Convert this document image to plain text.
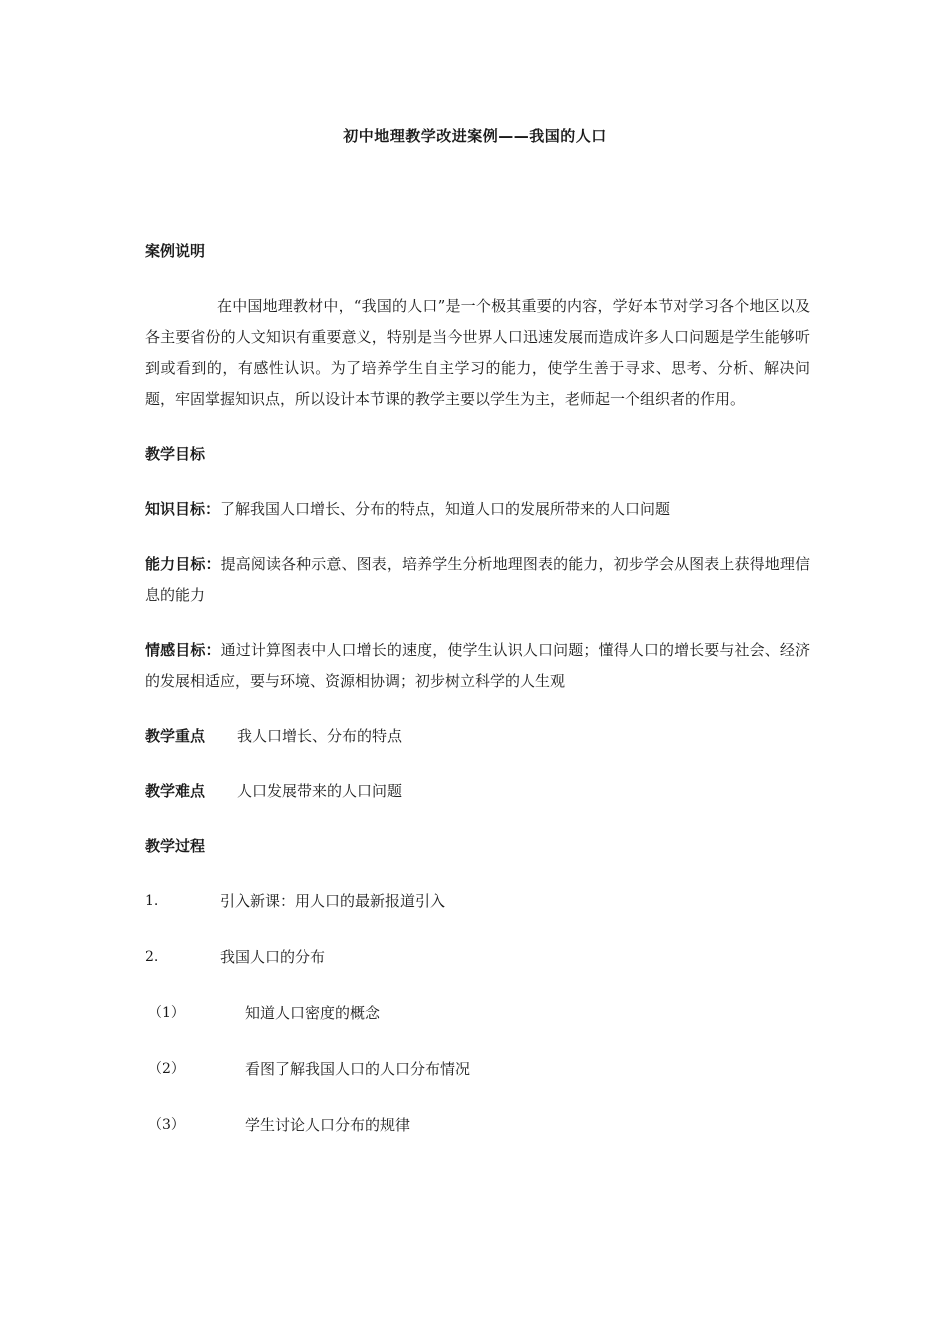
初中地理教学改进案例——我国的人口
案例说明
在中国地理教材中，“我国的人口”是一个极其重要的内容，学好本节对学习各个地区以及各主要省份的人文知识有重要意义，特别是当今世界人口迅速发展而造成许多人口问题是学生能够听到或看到的，有感性认识。为了培养学生自主学习的能力，使学生善于寻求、思考、分析、解决问题，牢固掌握知识点，所以设计本节课的教学主要以学生为主，老师起一个组织者的作用。
教学目标
知识目标：了解我国人口增长、分布的特点，知道人口的发展所带来的人口问题
能力目标：提高阅读各种示意、图表，培养学生分析地理图表的能力，初步学会从图表上获得地理信息的能力
情感目标：通过计算图表中人口增长的速度，使学生认识人口问题；懂得人口的增长要与社会、经济的发展相适应，要与环境、资源相协调；初步树立科学的人生观
教学重点 我人口增长、分布的特点
教学难点 人口发展带来的人口问题
教学过程
1.	引入新课：用人口的最新报道引入
2.	我国人口的分布
（1）	知道人口密度的概念
（2）	看图了解我国人口的人口分布情况
（3）	学生讨论人口分布的规律
